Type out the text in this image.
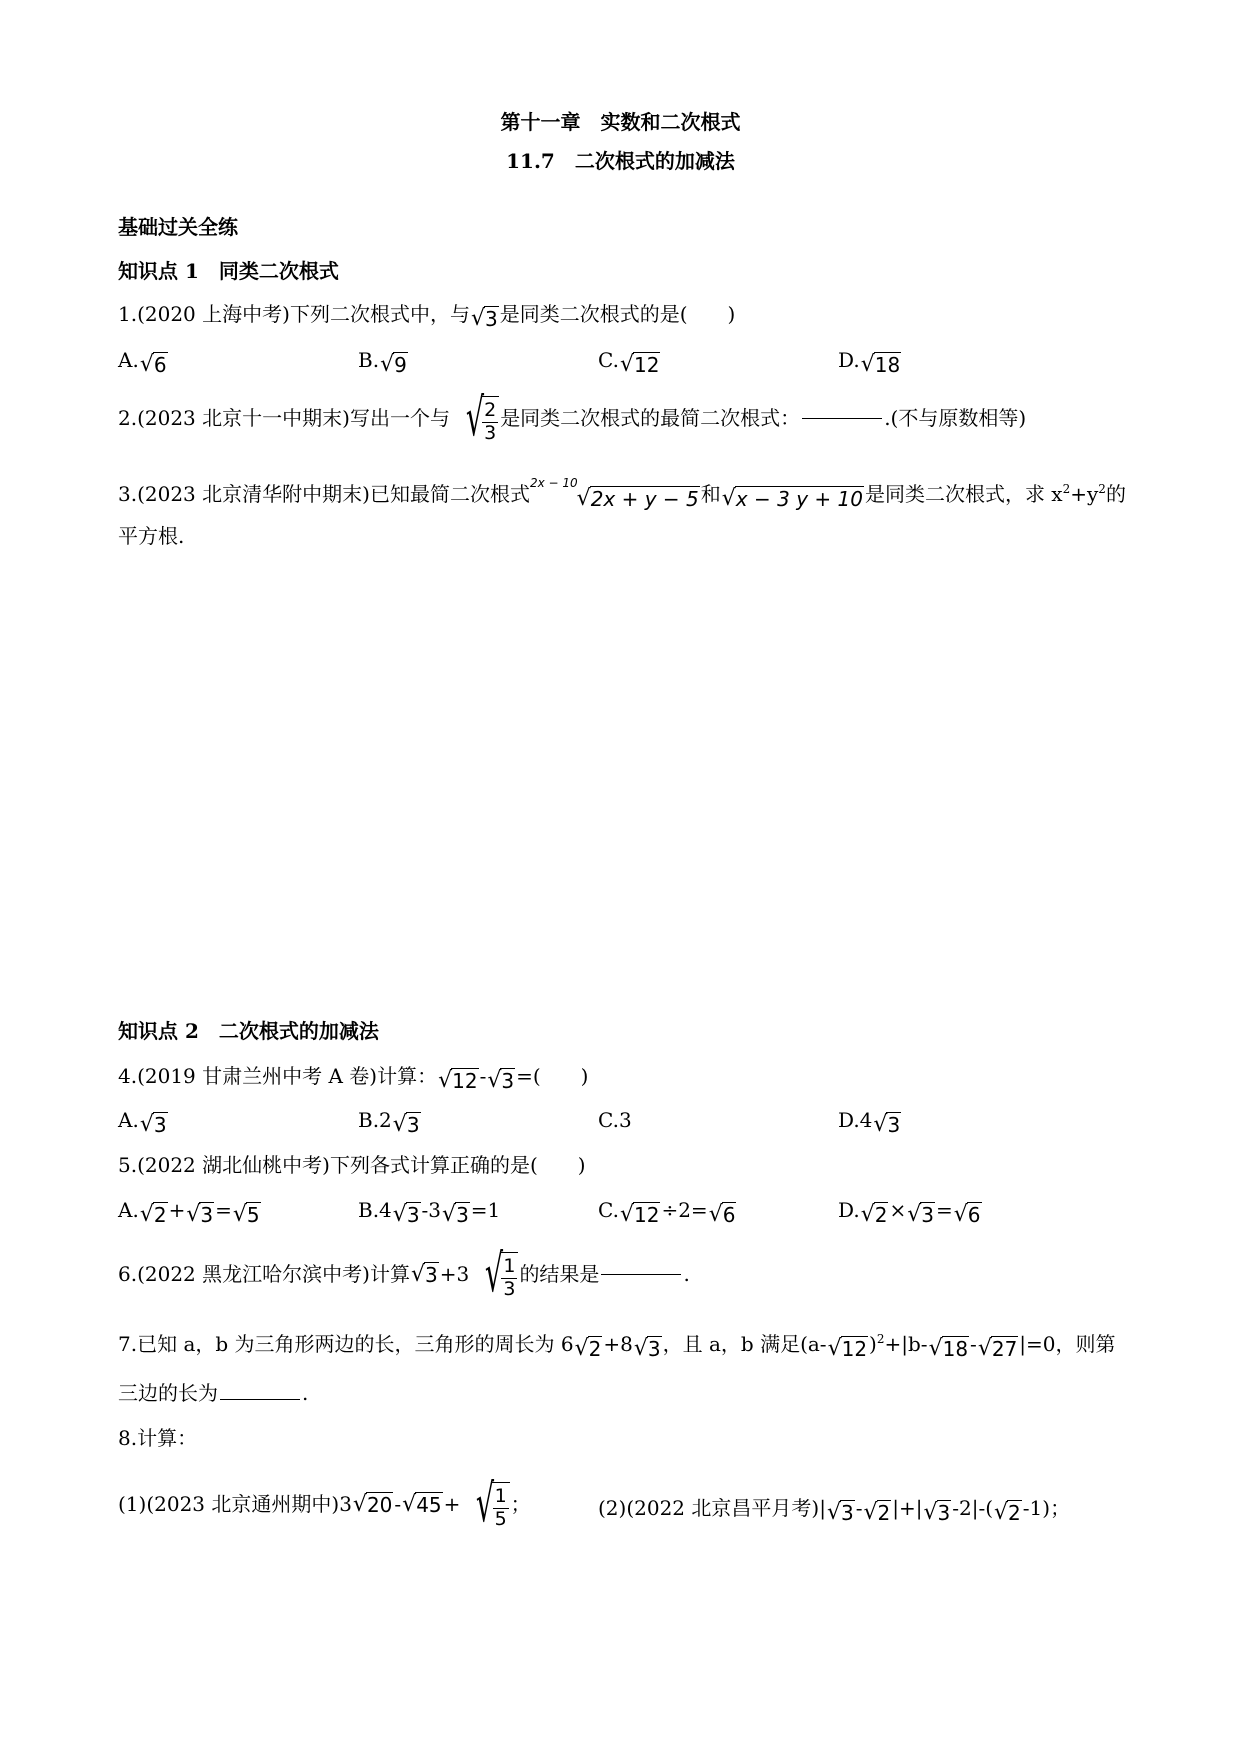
第十一章　实数和二次根式
11.7　二次根式的加减法
基础过关全练
知识点 1　同类二次根式
1.(2020 上海中考)下列二次根式中，与 √ 3 是同类二次根式的是(　　)
A. √ 6	B. √ 9	C. √ 12	D. √ 18
2.(2023 北京十一中期末)写出一个与 √
$\frac{2}{3}$ 是同类二次根式的最简二次根式：	.(不与原数相等)
3.(2023 北京清华附中期末)已知最简二次根式$^{2x - 10}$
√ 2x + y − 5 和 √ x − 3 y + 10 是同类二次根式，求 $x^2+y^2$的
平方根.
知识点 2　二次根式的加减法
4.(2019 甘肃兰州中考 A 卷)计算： √ 12 - √ 3 =(　　)
A. √ 3	B.2 √ 3	C.3	D.4 √ 3
5.(2022 湖北仙桃中考)下列各式计算正确的是(　　)
A. √ 2 + √ 3 = √ 5	B.4 √ 3 -3 √ 3 =1	C. √ 12 ÷2= √ 6	D. √ 2 × √ 3 = √ 6
6.(2022 黑龙江哈尔滨中考)计算 √ 3 +3 √
$\frac{1}{3}$ 的结果是	.
7.已知 a，b 为三角形两边的长，三角形的周长为 6 √ 2 +8 √ 3 ，且 a，b 满足(a- √ 12 )$^2$+|b- √ 18 - √ 27 |=0，则第
三边的长为	.
8.计算：
(1)(2023 北京通州期中)3 √ 20 - √ 45 + √
$\frac{1}{5}$ ；	(2)(2022 北京昌平月考)| √ 3 - √ 2 |+| √ 3 -2|-( √ 2 -1)；
